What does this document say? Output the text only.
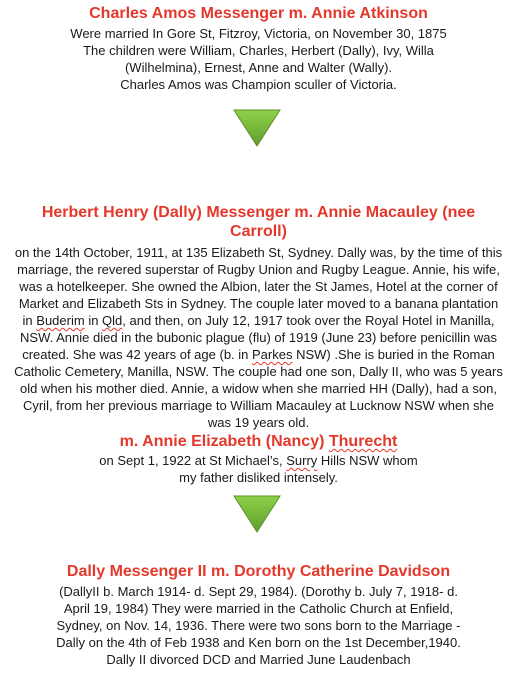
Charles Amos Messenger m. Annie Atkinson

Were married In Gore St, Fitzroy, Victoria, on November 30, 1875
The children were William, Charles, Herbert (Dally), Ivy, Willa
(Wilhelmina), Ernest, Anne and Walter (Wally).
Charles Amos was Champion sculler of Victoria.

Herbert Henry (Dally) Messenger m. Annie Macauley (nee
Carroll)

on the 14th October, 1911, at 135 Elizabeth St, Sydney. Dally was, by the time of this marriage, the revered superstar of Rugby Union and Rugby League. Annie, his wife, was a hotelkeeper. She owned the Albion, later the St James, Hotel at the corner of Market and Elizabeth Sts in Sydney. The couple later moved to a banana plantation in Buderim in Qld, and then, on July 12, 1917 took over the Royal Hotel in Manilla, NSW. Annie died in the bubonic plague (flu) of 1919 (June 23) before penicillin was created. She was 42 years of age (b. in Parkes NSW) .She is buried in the Roman Catholic Cemetery, Manilla, NSW. The couple had one son, Dally II, who was 5 years old when his mother died. Annie, a widow when she married HH (Dally), had a son, Cyril, from her previous marriage to William Macauley at Lucknow NSW when she was 19 years old.

m. Annie Elizabeth (Nancy) Thurecht

on Sept 1, 1922 at St Michael’s, Surry Hills NSW whom my father disliked intensely.

Dally Messenger II m. Dorothy Catherine Davidson

(DallyII b. March 1914- d. Sept 29, 1984). (Dorothy b. July 7, 1918- d. April 19, 1984) They were married in the Catholic Church at Enfield, Sydney, on Nov. 14, 1936. There were two sons born to the Marriage -Dally on the 4th of Feb 1938 and Ken born on the 1st December,1940.
Dally II divorced DCD and Married June Laudenbach
